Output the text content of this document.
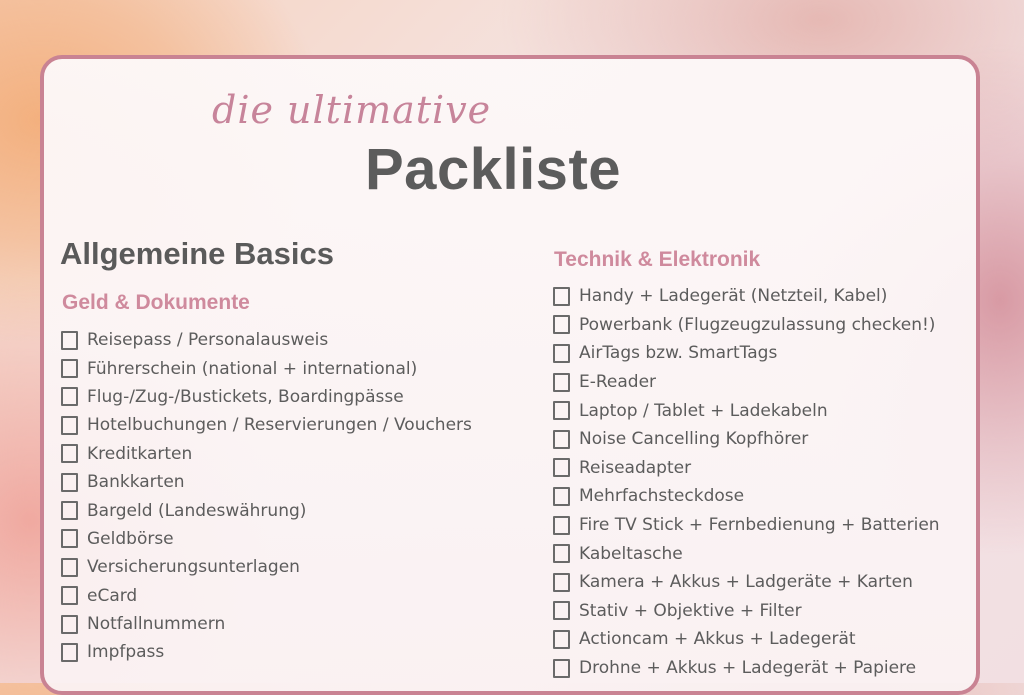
die ultimative
Packliste
Allgemeine Basics
Geld & Dokumente
Technik & Elektronik
Reisepass / Personalausweis
Führerschein (national + international)
Flug-/Zug-/Bustickets, Boardingpässe
Hotelbuchungen / Reservierungen / Vouchers
Kreditkarten
Bankkarten
Bargeld (Landeswährung)
Geldbörse
Versicherungsunterlagen
eCard
Notfallnummern
Impfpass
Handy + Ladegerät (Netzteil, Kabel)
Powerbank (Flugzeugzulassung checken!)
AirTags bzw. SmartTags
E-Reader
Laptop / Tablet + Ladekabeln
Noise Cancelling Kopfhörer
Reiseadapter
Mehrfachsteckdose
Fire TV Stick + Fernbedienung + Batterien
Kabeltasche
Kamera + Akkus + Ladgeräte + Karten
Stativ + Objektive + Filter
Actioncam + Akkus + Ladegerät
Drohne + Akkus + Ladegerät + Papiere
